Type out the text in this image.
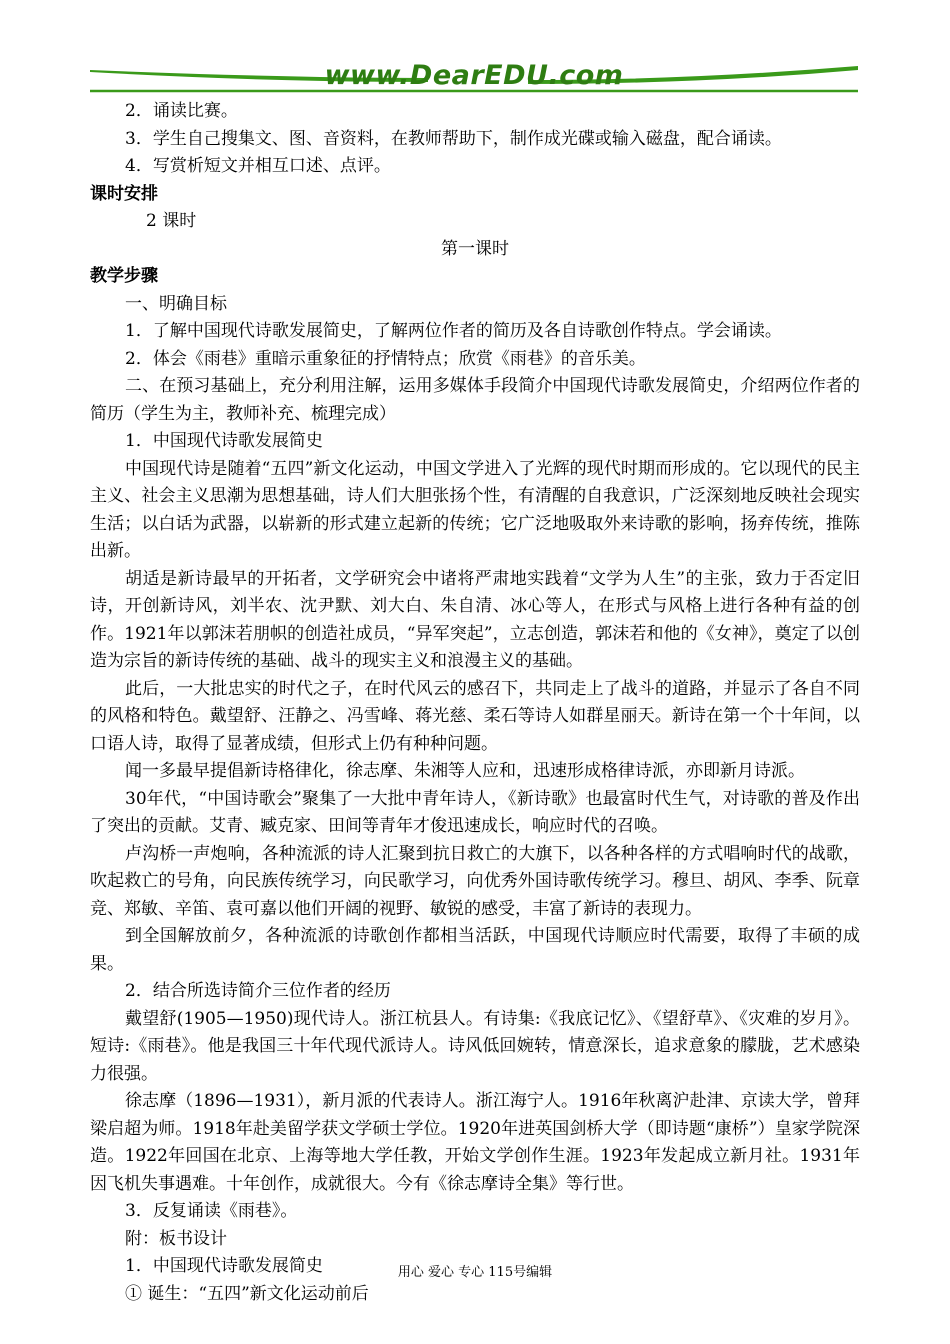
www.DearEDU.com
2．诵读比赛。
3．学生自己搜集文、图、音资料，在教师帮助下，制作成光碟或输入磁盘，配合诵读。
4．写赏析短文并相互口述、点评。
课时安排
2 课时
第一课时
教学步骤
一、明确目标
1．了解中国现代诗歌发展简史，了解两位作者的简历及各自诗歌创作特点。学会诵读。
2．体会《雨巷》重暗示重象征的抒情特点；欣赏《雨巷》的音乐美。
二、在预习基础上，充分利用注解，运用多媒体手段简介中国现代诗歌发展简史，介绍两位作者的简历（学生为主，教师补充、梳理完成）
1．中国现代诗歌发展简史
中国现代诗是随着“五四”新文化运动，中国文学进入了光辉的现代时期而形成的。它以现代的民主主义、社会主义思潮为思想基础，诗人们大胆张扬个性，有清醒的自我意识，广泛深刻地反映社会现实生活；以白话为武器，以崭新的形式建立起新的传统；它广泛地吸取外来诗歌的影响，扬弃传统，推陈出新。
胡适是新诗最早的开拓者，文学研究会中诸将严肃地实践着“文学为人生”的主张，致力于否定旧诗，开创新诗风，刘半农、沈尹默、刘大白、朱自清、冰心等人，在形式与风格上进行各种有益的创作。1921年以郭沫若朋帜的创造社成员，“异军突起”，立志创造，郭沫若和他的《女神》，奠定了以创造为宗旨的新诗传统的基础、战斗的现实主义和浪漫主义的基础。
此后，一大批忠实的时代之子，在时代风云的感召下，共同走上了战斗的道路，并显示了各自不同的风格和特色。戴望舒、汪静之、冯雪峰、蒋光慈、柔石等诗人如群星丽天。新诗在第一个十年间，以口语人诗，取得了显著成绩，但形式上仍有种种问题。
闻一多最早提倡新诗格律化，徐志摩、朱湘等人应和，迅速形成格律诗派，亦即新月诗派。
30年代，“中国诗歌会”聚集了一大批中青年诗人，《新诗歌》也最富时代生气，对诗歌的普及作出了突出的贡献。艾青、臧克家、田间等青年才俊迅速成长，响应时代的召唤。
卢沟桥一声炮响，各种流派的诗人汇聚到抗日救亡的大旗下，以各种各样的方式唱响时代的战歌，吹起救亡的号角，向民族传统学习，向民歌学习，向优秀外国诗歌传统学习。穆旦、胡风、李季、阮章竞、郑敏、辛笛、袁可嘉以他们开阔的视野、敏锐的感受，丰富了新诗的表现力。
到全国解放前夕，各种流派的诗歌创作都相当活跃，中国现代诗顺应时代需要，取得了丰硕的成果。
2．结合所选诗简介三位作者的经历
戴望舒(1905—1950)现代诗人。浙江杭县人。有诗集:《我底记忆》、《望舒草》、《灾难的岁月》。短诗:《雨巷》。他是我国三十年代现代派诗人。诗风低回婉转，情意深长，追求意象的朦胧，艺术感染力很强。
徐志摩（1896—1931），新月派的代表诗人。浙江海宁人。1916年秋离沪赴津、京读大学，曾拜梁启超为师。1918年赴美留学获文学硕士学位。1920年进英国剑桥大学（即诗题“康桥”）皇家学院深造。1922年回国在北京、上海等地大学任教，开始文学创作生涯。1923年发起成立新月社。1931年因飞机失事遇难。十年创作，成就很大。今有《徐志摩诗全集》等行世。
3．反复诵读《雨巷》。
附：板书设计
1．中国现代诗歌发展简史
① 诞生：“五四”新文化运动前后
用心 爱心 专心 115号编辑
